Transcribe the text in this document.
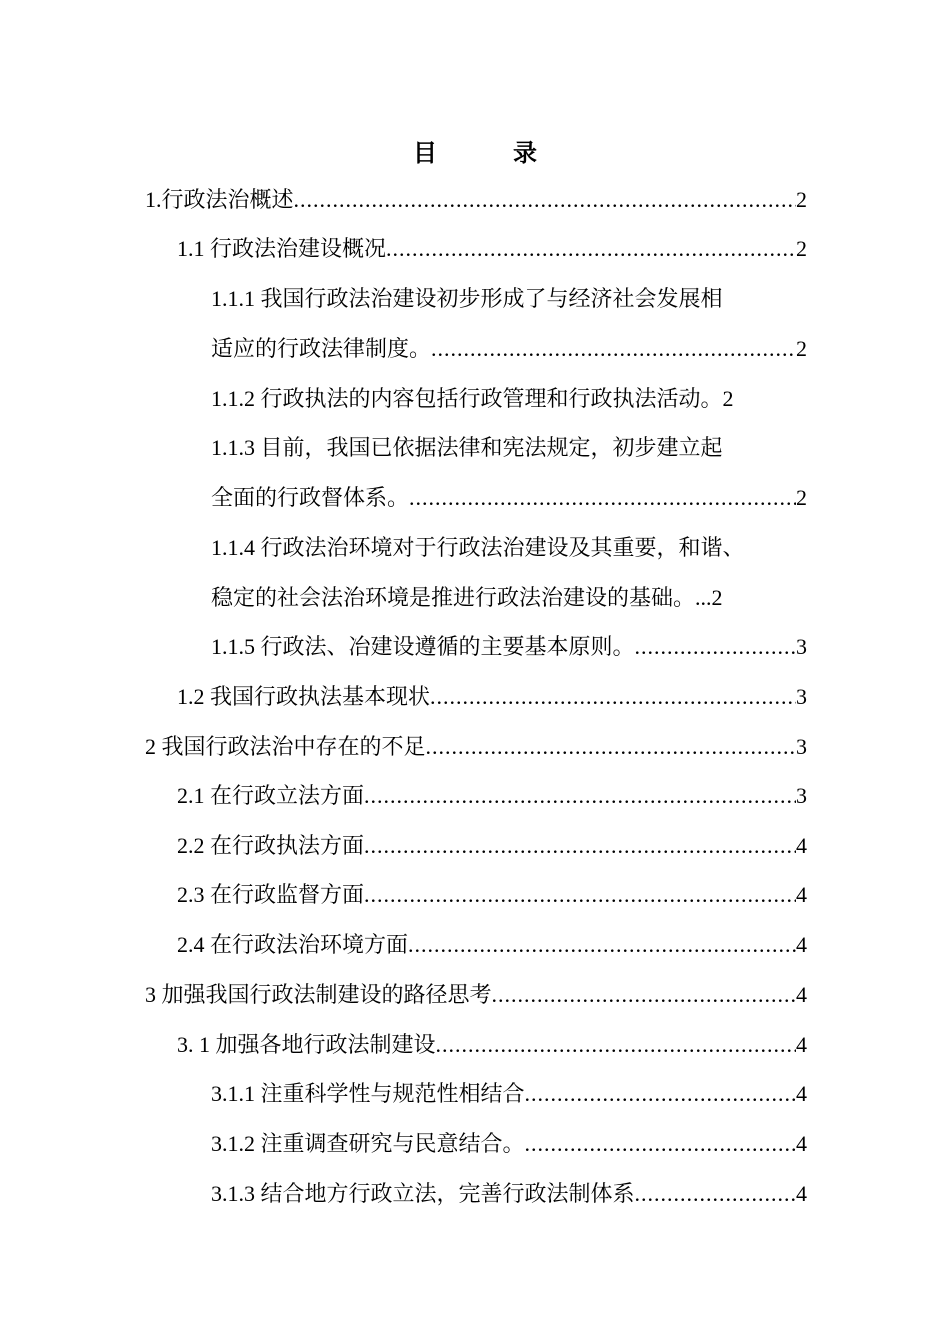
目　录
1.行政法治概述 .....	2
1.1 行政法治建设概况 .....	2
1.1.1 我国行政法治建设初步形成了与经济社会发展相
适应的行政法律制度。 .....	2
1.1.2 行政执法的内容包括行政管理和行政执法活动。 2
1.1.3 目前，我国已依据法律和宪法规定，初步建立起
全面的行政督体系。 .....	2
1.1.4 行政法治环境对于行政法治建设及其重要，和谐、
稳定的社会法治环境是推进行政法治建设的基础。... 2
1.1.5 行政法、冶建设遵循的主要基本原则。 .....	3
1.2 我国行政执法基本现状 .....	3
2 我国行政法治中存在的不足 .....	3
2.1 在行政立法方面 .....	3
2.2 在行政执法方面 .....	4
2.3 在行政监督方面 .....	4
2.4 在行政法治环境方面 .....	4
3 加强我国行政法制建设的路径思考 .....	4
3. 1 加强各地行政法制建设 .....	4
3.1.1 注重科学性与规范性相结合 .....	4
3.1.2 注重调查研究与民意结合。 .....	4
3.1.3 结合地方行政立法，完善行政法制体系 .....	4
